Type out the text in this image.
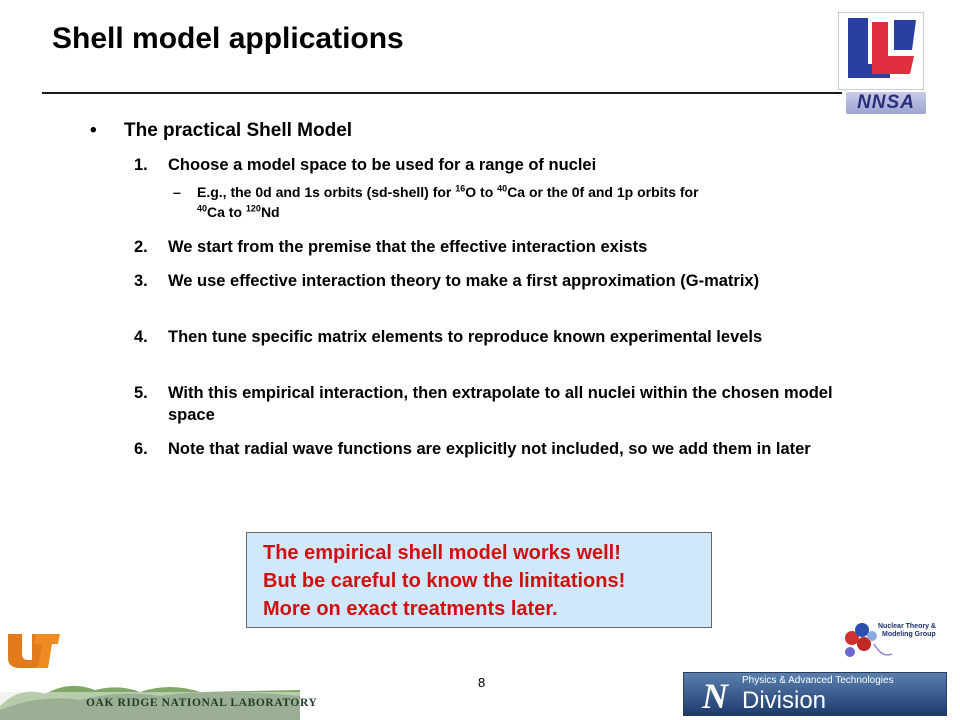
Shell model applications
NNSA
• The practical Shell Model
1. Choose a model space to be used for a range of nuclei
– E.g., the 0d and 1s orbits (sd-shell) for $^{16}$O to $^{40}$Ca or the 0f and 1p orbits for
$^{40}$Ca to $^{120}$Nd
2. We start from the premise that the effective interaction exists
3. We use effective interaction theory to make a first approximation (G-matrix)
4. Then tune specific matrix elements to reproduce known experimental levels
5. With this empirical interaction, then extrapolate to all nuclei within the chosen model space
6. Note that radial wave functions are explicitly not included, so we add them in later
The empirical shell model works well!
But be careful to know the limitations!
More on exact treatments later.
8
OAK RIDGE NATIONAL LABORATORY
Nuclear Theory &
Modeling Group
Physics & Advanced Technologies
N Division
